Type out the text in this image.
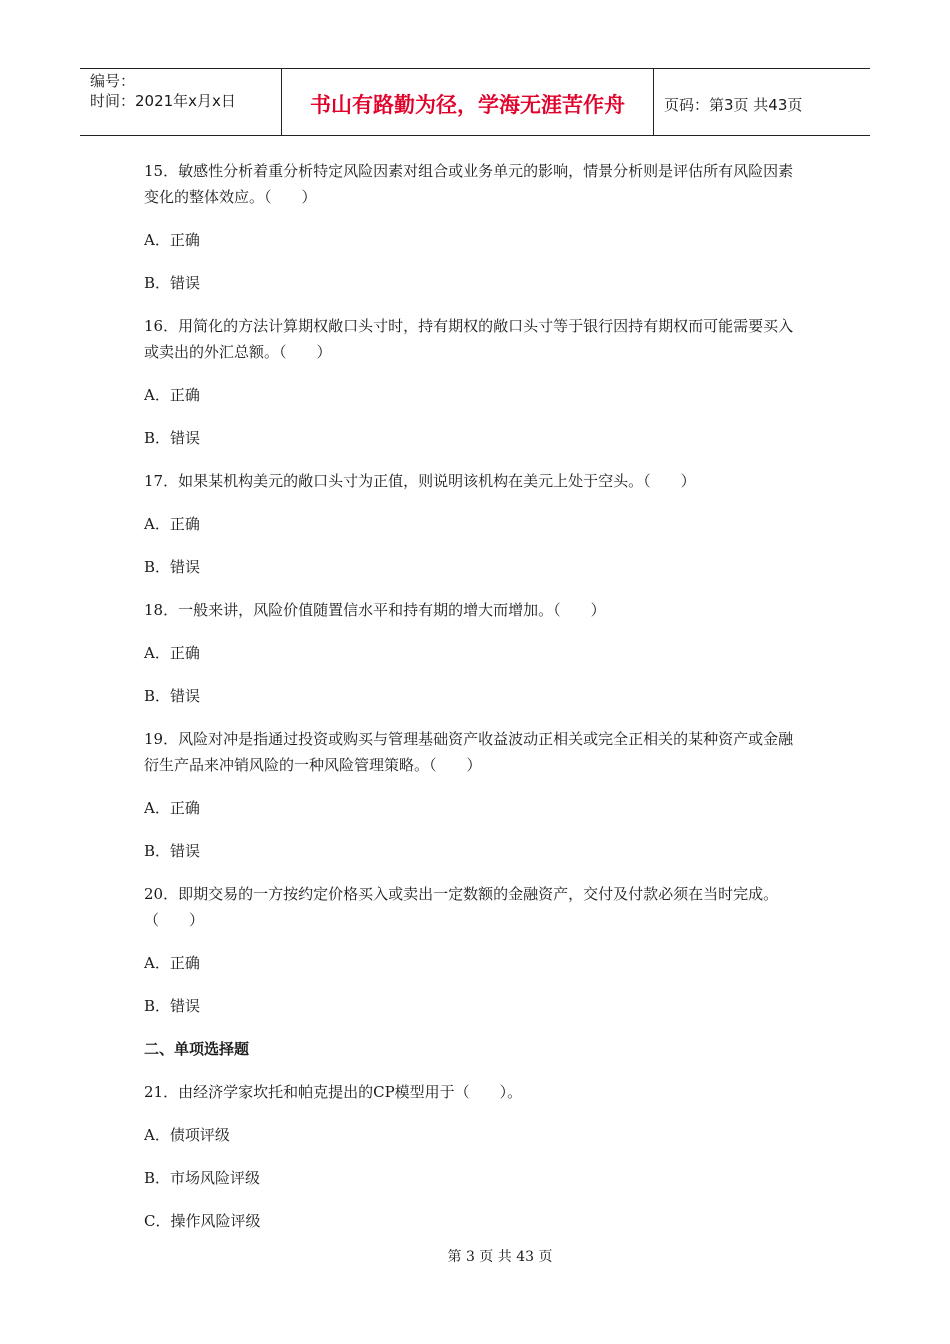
编号：
时间：2021年x月x日	书山有路勤为径，学海无涯苦作舟	页码：第3页 共43页

15．敏感性分析着重分析特定风险因素对组合或业务单元的影响，情景分析则是评估所有风险因素变化的整体效应。（　　）

A．正确

B．错误

16．用简化的方法计算期权敞口头寸时，持有期权的敞口头寸等于银行因持有期权而可能需要买入或卖出的外汇总额。（　　）

A．正确

B．错误

17．如果某机构美元的敞口头寸为正值，则说明该机构在美元上处于空头。（　　）

A．正确

B．错误

18．一般来讲，风险价值随置信水平和持有期的增大而增加。（　　）

A．正确

B．错误

19．风险对冲是指通过投资或购买与管理基础资产收益波动正相关或完全正相关的某种资产或金融衍生产品来冲销风险的一种风险管理策略。（　　）

A．正确

B．错误

20．即期交易的一方按约定价格买入或卖出一定数额的金融资产，交付及付款必须在当时完成。（　　）

A．正确

B．错误

二、单项选择题

21．由经济学家坎托和帕克提出的CP模型用于（　　）。

A．债项评级

B．市场风险评级

C．操作风险评级

第 3 页 共 43 页
